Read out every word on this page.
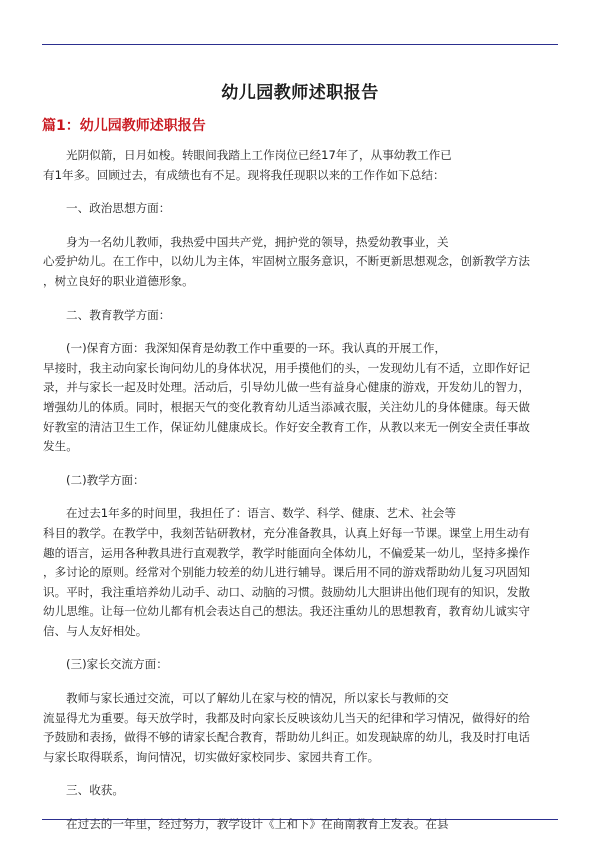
幼儿园教师述职报告
篇1：幼儿园教师述职报告
光阴似箭，日月如梭。转眼间我踏上工作岗位已经17年了，从事幼教工作已
有1年多。回顾过去，有成绩也有不足。现将我任现职以来的工作作如下总结：
一、政治思想方面：
身为一名幼儿教师，我热爱中国共产党，拥护党的领导，热爱幼教事业，关
心爱护幼儿。在工作中，以幼儿为主体，牢固树立服务意识，不断更新思想观念，创新教学方法
，树立良好的职业道德形象。
二、教育教学方面：
(一)保育方面：我深知保育是幼教工作中重要的一环。我认真的开展工作，
早接时，我主动向家长询问幼儿的身体状况，用手摸他们的头，一发现幼儿有不适，立即作好记
录，并与家长一起及时处理。活动后，引导幼儿做一些有益身心健康的游戏，开发幼儿的智力，
增强幼儿的体质。同时，根据天气的变化教育幼儿适当添减衣服，关注幼儿的身体健康。每天做
好教室的清洁卫生工作，保证幼儿健康成长。作好安全教育工作，从教以来无一例安全责任事故
发生。
(二)教学方面：
在过去1年多的时间里，我担任了：语言、数学、科学、健康、艺术、社会等
科目的教学。在教学中，我刻苦钻研教材，充分准备教具，认真上好每一节课。课堂上用生动有
趣的语言，运用各种教具进行直观教学，教学时能面向全体幼儿，不偏爱某一幼儿，坚持多操作
，多讨论的原则。经常对个别能力较差的幼儿进行辅导。课后用不同的游戏帮助幼儿复习巩固知
识。平时，我注重培养幼儿动手、动口、动脑的习惯。鼓励幼儿大胆讲出他们现有的知识，发散
幼儿思维。让每一位幼儿都有机会表达自己的想法。我还注重幼儿的思想教育，教育幼儿诚实守
信、与人友好相处。
(三)家长交流方面：
教师与家长通过交流，可以了解幼儿在家与校的情况，所以家长与教师的交
流显得尤为重要。每天放学时，我都及时向家长反映该幼儿当天的纪律和学习情况，做得好的给
予鼓励和表扬，做得不够的请家长配合教育，帮助幼儿纠正。如发现缺席的幼儿，我及时打电话
与家长取得联系，询问情况，切实做好家校同步、家园共育工作。
三、收获。
在过去的一年里，经过努力，教学设计《上和下》在商南教育上发表。在县
